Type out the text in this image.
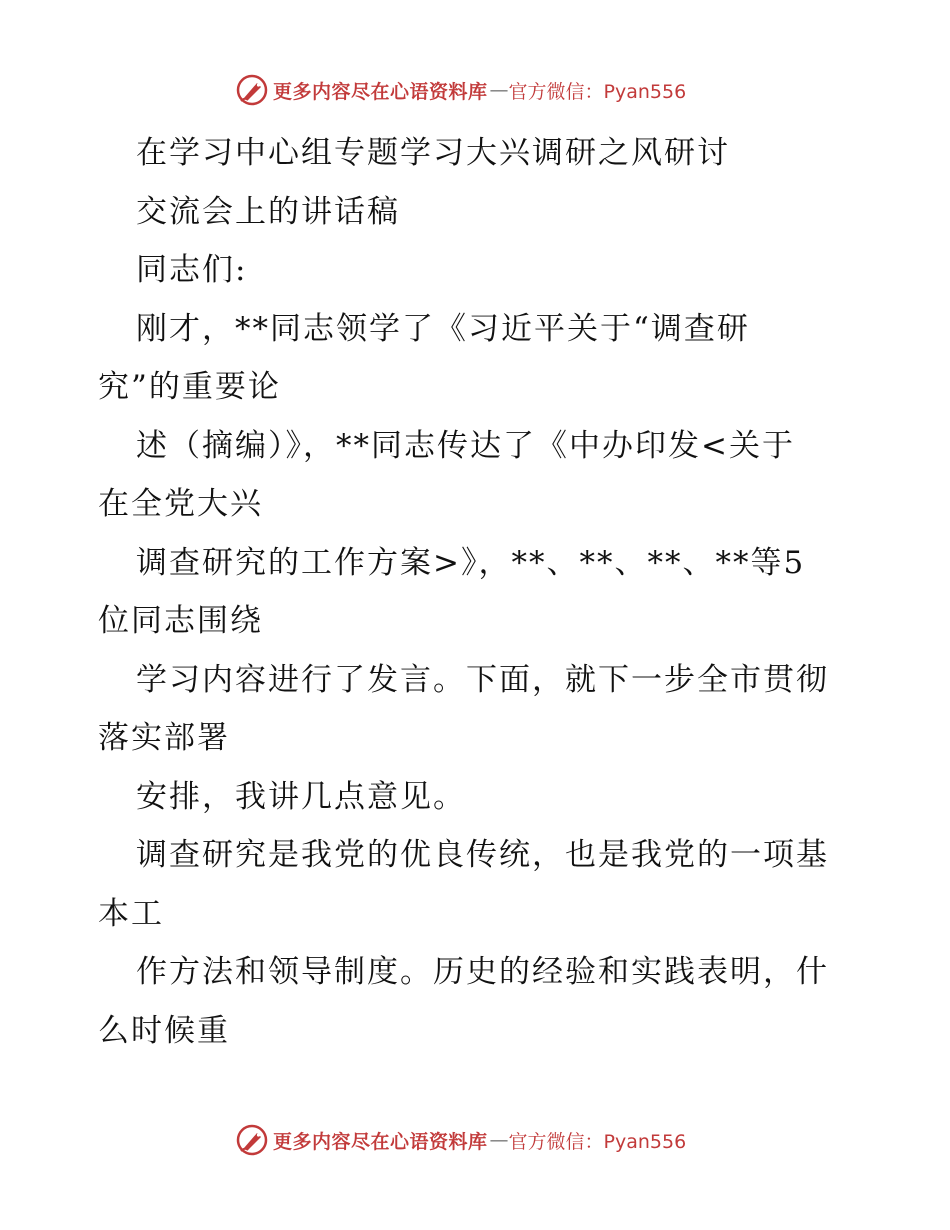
更多内容尽在心语资料库 — 官方微信：Pyan556
在学习中心组专题学习大兴调研之风研讨
交流会上的讲话稿
同志们:
刚才，**同志领学了《习近平关于“调查研
究”的重要论
述（摘编）》，**同志传达了《中办印发<关于
在全党大兴
调查研究的工作方案>》，**、**、**、**等5
位同志围绕
学习内容进行了发言。下面，就下一步全市贯彻
落实部署
安排，我讲几点意见。
调查研究是我党的优良传统，也是我党的一项基
本工
作方法和领导制度。历史的经验和实践表明，什
么时候重
更多内容尽在心语资料库 — 官方微信：Pyan556
